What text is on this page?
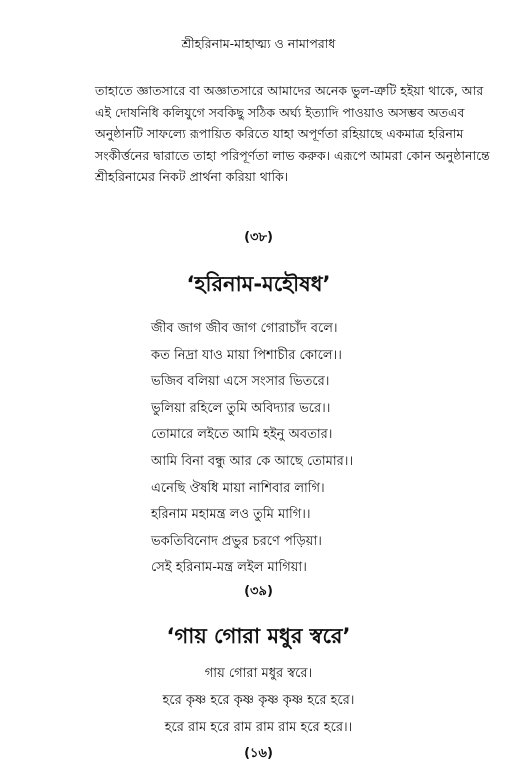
শ্রীহরিনাম-মাহাত্ম্য ও নামাপরাধ
তাহাতে জ্ঞাতসারে বা অজ্ঞাতসারে আমাদের অনেক ভুল-ত্রুটি হইয়া থাকে, আর
এই দোষনিধি কলিযুগে সবকিছু সঠিক অর্ঘ্য ইত্যাদি পাওয়াও অসম্ভব অতএব
অনুষ্ঠানটি সাফল্যে রূপায়িত করিতে যাহা অপূর্ণতা রহিয়াছে একমাত্র হরিনাম
সংকীর্ত্তনের দ্বারাতে তাহা পরিপূর্ণতা লাভ করুক। এরূপে আমরা কোন অনুষ্ঠানান্তে
শ্রীহরিনামের নিকট প্রার্থনা করিয়া থাকি।
(৩৮)
‘হরিনাম-মহৌষধ’
জীব জাগ জীব জাগ গোরাচাঁদ বলে।
কত নিদ্রা যাও মায়া পিশাচীর কোলে।।
ভজিব বলিয়া এসে সংসার ভিতরে।
ভুলিয়া রহিলে তুমি অবিদ্যার ভরে।।
তোমারে লইতে আমি হইনু অবতার।
আমি বিনা বন্ধু আর কে আছে তোমার।।
এনেছি ঔষধি মায়া নাশিবার লাগি।
হরিনাম মহামন্ত্র লও তুমি মাগি।।
ভকতিবিনোদ প্রভুর চরণে পড়িয়া।
সেই হরিনাম-মন্ত্র লইল মাগিয়া।
(৩৯)
‘গায় গোরা মধুর স্বরে’
গায় গোরা মধুর স্বরে।
হরে কৃষ্ণ হরে কৃষ্ণ কৃষ্ণ কৃষ্ণ হরে হরে।
হরে রাম হরে রাম রাম রাম হরে হরে।।
(১৬)
